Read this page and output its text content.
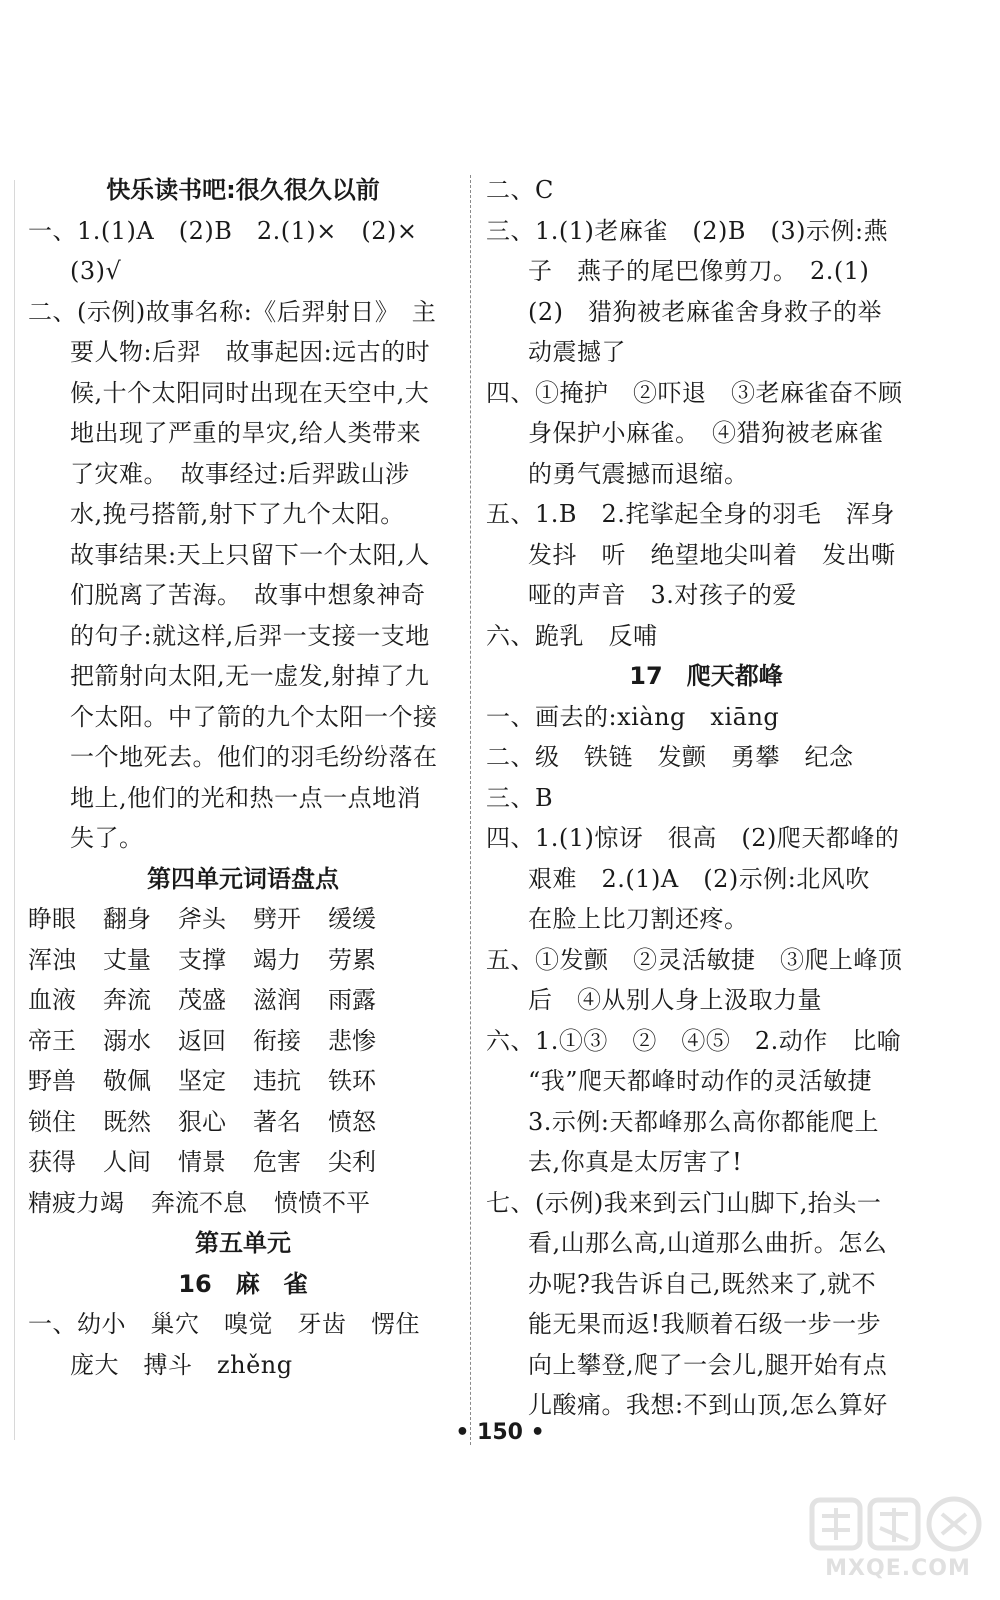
快乐读书吧:很久很久以前
一、1.(1)A　(2)B　2.(1)×　(2)×
(3)√
二、(示例)故事名称:《后羿射日》　主
要人物:后羿　故事起因:远古的时
候,十个太阳同时出现在天空中,大
地出现了严重的旱灾,给人类带来
了灾难。　故事经过:后羿跋山涉
水,挽弓搭箭,射下了九个太阳。
故事结果:天上只留下一个太阳,人
们脱离了苦海。　故事中想象神奇
的句子:就这样,后羿一支接一支地
把箭射向太阳,无一虚发,射掉了九
个太阳。中了箭的九个太阳一个接
一个地死去。他们的羽毛纷纷落在
地上,他们的光和热一点一点地消
失了。
第四单元词语盘点
睁眼	翻身	斧头	劈开	缓缓
浑浊	丈量	支撑	竭力	劳累
血液	奔流	茂盛	滋润	雨露
帝王	溺水	返回	衔接	悲惨
野兽	敬佩	坚定	违抗	铁环
锁住	既然	狠心	著名	愤怒
获得	人间	情景	危害	尖利
精疲力竭 奔流不息 愤愤不平
第五单元
16　麻　雀
一、幼小　巢穴　嗅觉　牙齿　愣住
庞大　搏斗　zhěng
二、C
三、1.(1)老麻雀　(2)B　(3)示例:燕
子　燕子的尾巴像剪刀。　2.(1)
(2)　猎狗被老麻雀舍身救子的举
动震撼了
四、①掩护　②吓退　③老麻雀奋不顾
身保护小麻雀。　④猎狗被老麻雀
的勇气震撼而退缩。
五、1.B　2.挓挲起全身的羽毛　浑身
发抖　听　绝望地尖叫着　发出嘶
哑的声音　3.对孩子的爱
六、跪乳　反哺
17　爬天都峰
一、画去的:xiàng　xiāng
二、级　铁链　发颤　勇攀　纪念
三、B
四、1.(1)惊讶　很高　(2)爬天都峰的
艰难　2.(1)A　(2)示例:北风吹
在脸上比刀割还疼。
五、①发颤　②灵活敏捷　③爬上峰顶
后　④从别人身上汲取力量
六、1.①③　②　④⑤　2.动作　比喻
“我”爬天都峰时动作的灵活敏捷
3.示例:天都峰那么高你都能爬上
去,你真是太厉害了!
七、(示例)我来到云门山脚下,抬头一
看,山那么高,山道那么曲折。怎么
办呢?我告诉自己,既然来了,就不
能无果而返!我顺着石级一步一步
向上攀登,爬了一会儿,腿开始有点
儿酸痛。我想:不到山顶,怎么算好
• 150 •
MXQE.COM
